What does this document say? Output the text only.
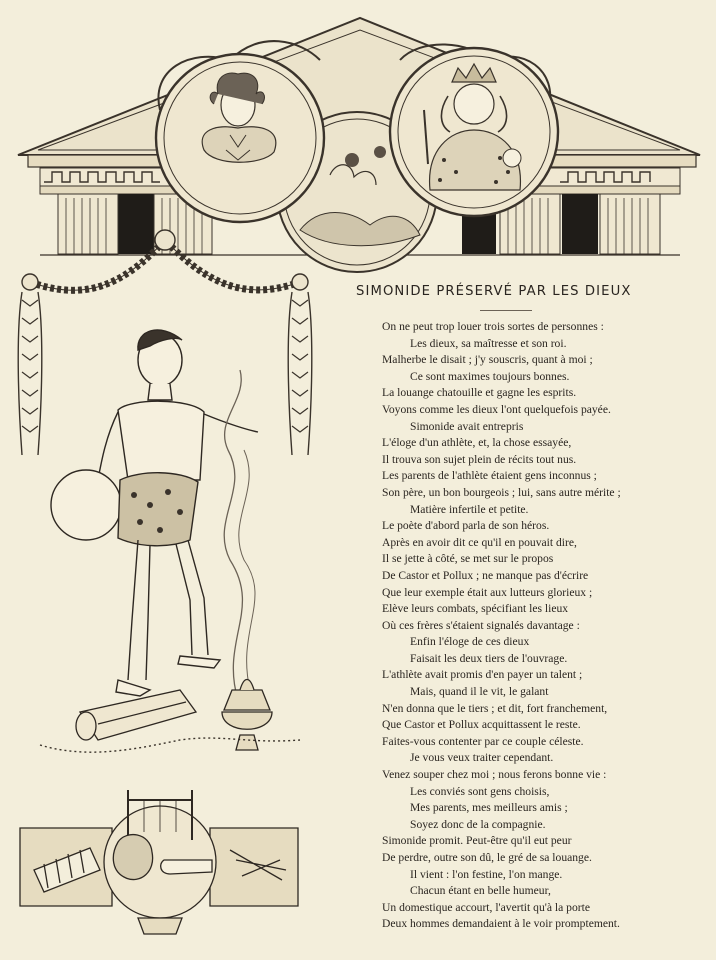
SIMONIDE PRÉSERVÉ PAR LES DIEUX
On ne peut trop louer trois sortes de personnes :
Les dieux, sa maîtresse et son roi.
Malherbe le disait ; j'y souscris, quant à moi ;
Ce sont maximes toujours bonnes.
La louange chatouille et gagne les esprits.
Voyons comme les dieux l'ont quelquefois payée.
Simonide avait entrepris
L'éloge d'un athlète, et, la chose essayée,
Il trouva son sujet plein de récits tout nus.
Les parents de l'athlète étaient gens inconnus ;
Son père, un bon bourgeois ; lui, sans autre mérite ;
Matière infertile et petite.
Le poète d'abord parla de son héros.
Après en avoir dit ce qu'il en pouvait dire,
Il se jette à côté, se met sur le propos
De Castor et Pollux ; ne manque pas d'écrire
Que leur exemple était aux lutteurs glorieux ;
Elève leurs combats, spécifiant les lieux
Où ces frères s'étaient signalés davantage :
Enfin l'éloge de ces dieux
Faisait les deux tiers de l'ouvrage.
L'athlète avait promis d'en payer un talent ;
Mais, quand il le vit, le galant
N'en donna que le tiers ; et dit, fort franchement,
Que Castor et Pollux acquittassent le reste.
Faites-vous contenter par ce couple céleste.
Je vous veux traiter cependant.
Venez souper chez moi ; nous ferons bonne vie :
Les conviés sont gens choisis,
Mes parents, mes meilleurs amis ;
Soyez donc de la compagnie.
Simonide promit. Peut-être qu'il eut peur
De perdre, outre son dû, le gré de sa louange.
Il vient : l'on festine, l'on mange.
Chacun étant en belle humeur,
Un domestique accourt, l'avertit qu'à la porte
Deux hommes demandaient à le voir promptement.
